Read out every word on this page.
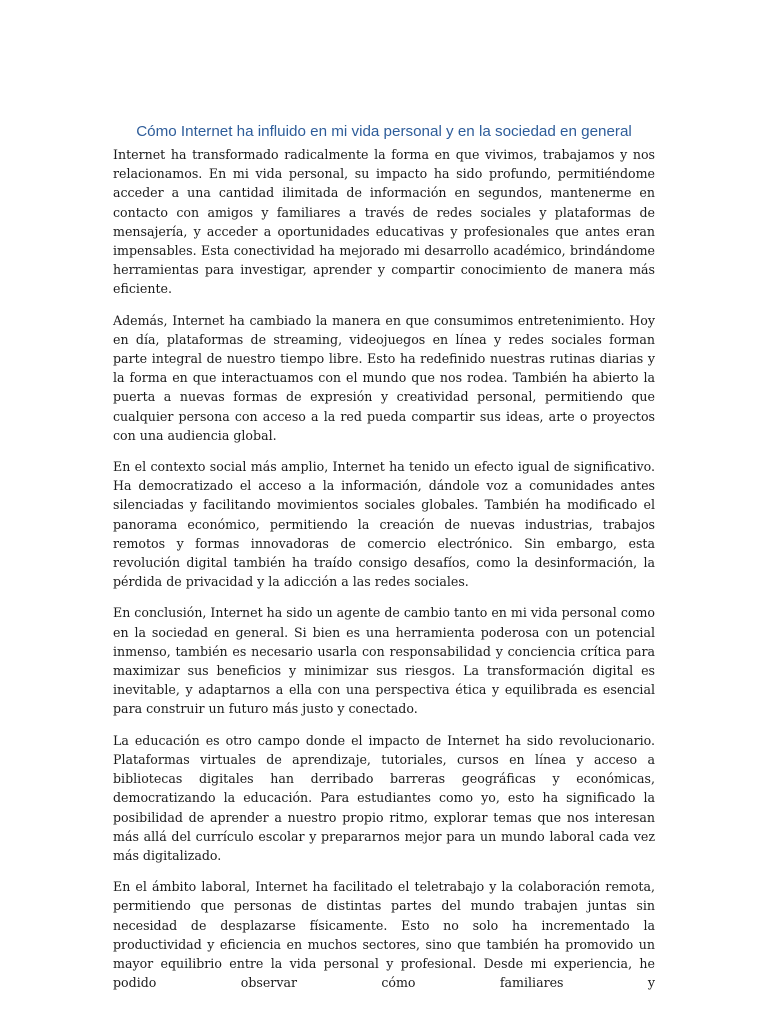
Cómo Internet ha influido en mi vida personal y en la sociedad en general

Internet ha transformado radicalmente la forma en que vivimos, trabajamos y nos relacionamos. En mi vida personal, su impacto ha sido profundo, permitiéndome acceder a una cantidad ilimitada de información en segundos, mantenerme en contacto con amigos y familiares a través de redes sociales y plataformas de mensajería, y acceder a oportunidades educativas y profesionales que antes eran impensables. Esta conectividad ha mejorado mi desarrollo académico, brindándome herramientas para investigar, aprender y compartir conocimiento de manera más eficiente.

Además, Internet ha cambiado la manera en que consumimos entretenimiento. Hoy en día, plataformas de streaming, videojuegos en línea y redes sociales forman parte integral de nuestro tiempo libre. Esto ha redefinido nuestras rutinas diarias y la forma en que interactuamos con el mundo que nos rodea. También ha abierto la puerta a nuevas formas de expresión y creatividad personal, permitiendo que cualquier persona con acceso a la red pueda compartir sus ideas, arte o proyectos con una audiencia global.

En el contexto social más amplio, Internet ha tenido un efecto igual de significativo. Ha democratizado el acceso a la información, dándole voz a comunidades antes silenciadas y facilitando movimientos sociales globales. También ha modificado el panorama económico, permitiendo la creación de nuevas industrias, trabajos remotos y formas innovadoras de comercio electrónico. Sin embargo, esta revolución digital también ha traído consigo desafíos, como la desinformación, la pérdida de privacidad y la adicción a las redes sociales.

En conclusión, Internet ha sido un agente de cambio tanto en mi vida personal como en la sociedad en general. Si bien es una herramienta poderosa con un potencial inmenso, también es necesario usarla con responsabilidad y conciencia crítica para maximizar sus beneficios y minimizar sus riesgos. La transformación digital es inevitable, y adaptarnos a ella con una perspectiva ética y equilibrada es esencial para construir un futuro más justo y conectado.

La educación es otro campo donde el impacto de Internet ha sido revolucionario. Plataformas virtuales de aprendizaje, tutoriales, cursos en línea y acceso a bibliotecas digitales han derribado barreras geográficas y económicas, democratizando la educación. Para estudiantes como yo, esto ha significado la posibilidad de aprender a nuestro propio ritmo, explorar temas que nos interesan más allá del currículo escolar y prepararnos mejor para un mundo laboral cada vez más digitalizado.

En el ámbito laboral, Internet ha facilitado el teletrabajo y la colaboración remota, permitiendo que personas de distintas partes del mundo trabajen juntas sin necesidad de desplazarse físicamente. Esto no solo ha incrementado la productividad y eficiencia en muchos sectores, sino que también ha promovido un mayor equilibrio entre la vida personal y profesional. Desde mi experiencia, he podido observar cómo familiares y
